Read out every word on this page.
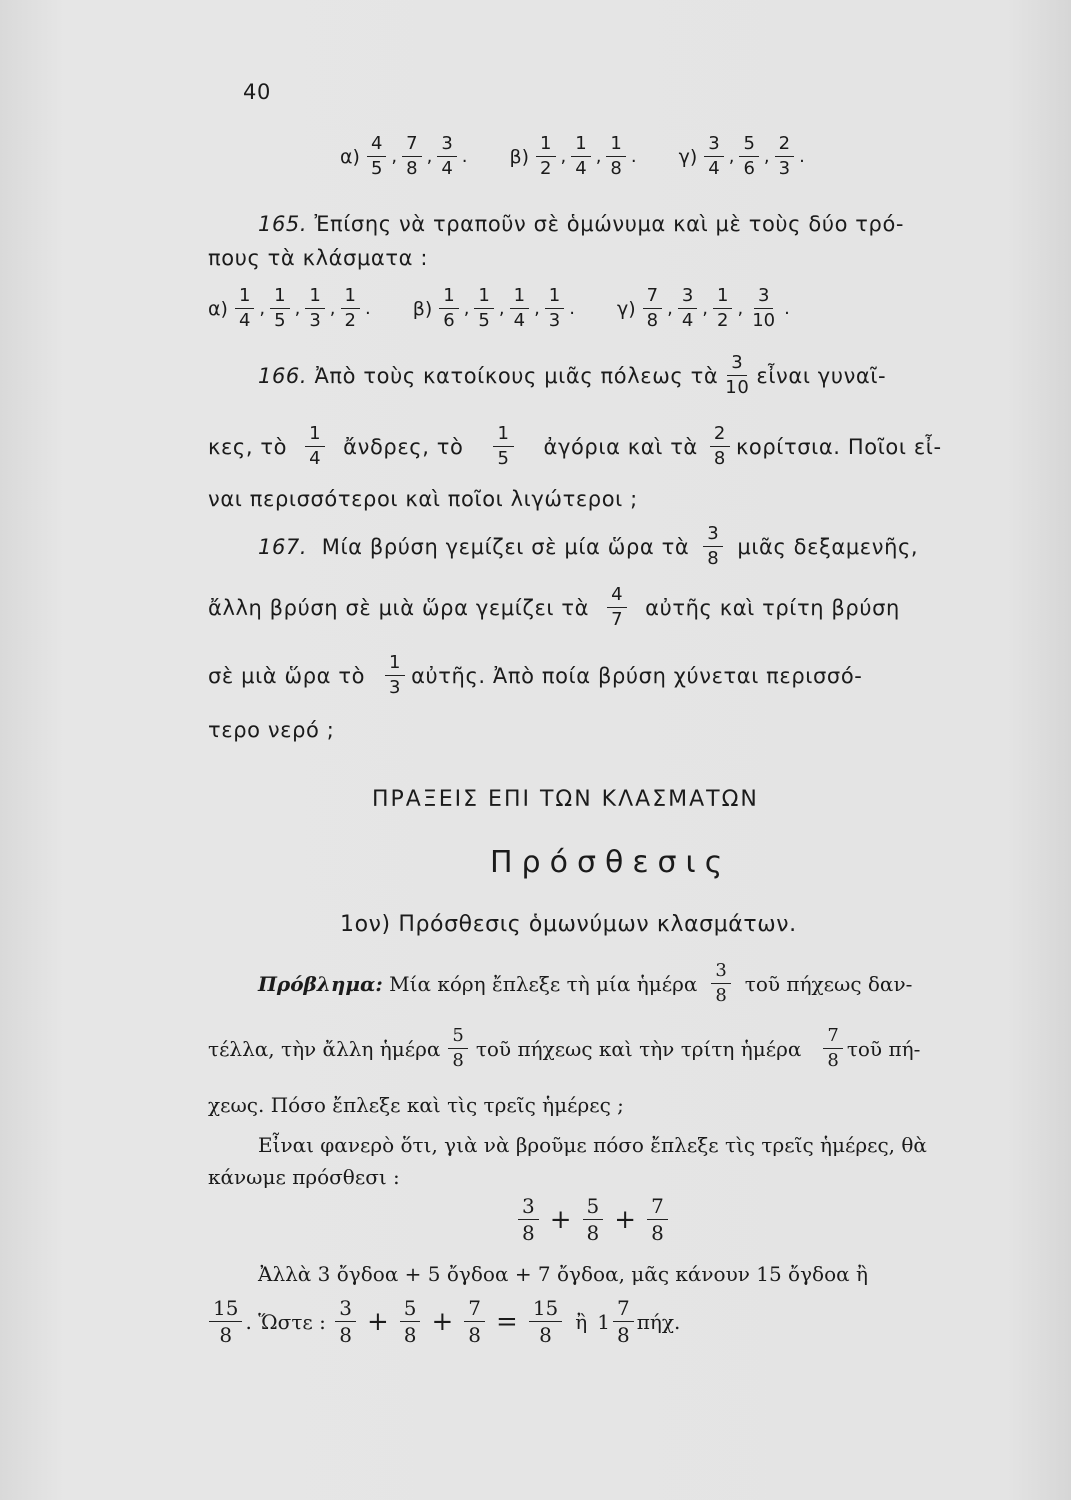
40
$\alpha) \frac{4}{5}$ , $\frac{7}{8}$ , $\frac{3}{4}$ . $\beta) \frac{1}{2}$ , $\frac{1}{4}$ , $\frac{1}{8}$ . $\gamma) \frac{3}{4}$ , $\frac{5}{6}$ , $\frac{2}{3}$ .
165. Ἐπίσης νὰ τραποῦν σὲ ὁμώνυμα καὶ μὲ τοὺς δύο τρό-
πους τὰ κλάσματα :
$\alpha) \frac{1}{4}$ , $\frac{1}{5}$ , $\frac{1}{3}$ , $\frac{1}{2}$ . $\beta) \frac{1}{6}$ , $\frac{1}{5}$ , $\frac{1}{4}$ , $\frac{1}{3}$ . $\gamma) \frac{7}{8}$ , $\frac{3}{4}$ , $\frac{1}{2}$ , $\frac{3}{10}$ .
166.
Ἀπὸ τοὺς κατοίκους μιᾶς πόλεως τὰ $\frac{3}{10}$ εἶναι γυναῖ-
κες, τὸ $\frac{1}{4}$ ἄνδρες, τὸ $\frac{1}{5}$ ἀγόρια καὶ τὰ $\frac{2}{8} \kappa o\rho ί\tau\sigma\iota\alpha$. Ποῖοι εἶ-
ναι περισσότεροι καὶ ποῖοι λιγώτεροι ;
167.
Μία βρύση γεμίζει σὲ μία ὥρα τὰ $\frac{3}{8}$ μιᾶς δεξαμενῆς,
ἄλλη βρύση σὲ μιὰ ὥρα γεμίζει τὰ $\frac{4}{7}$ αὐτῆς καὶ τρίτη βρύση
σὲ μιὰ ὥρα τὸ $\frac{1}{3}$ αὐτῆς. Ἀπὸ ποία βρύση χύνεται περισσό-
τερο νερό ;
ΠΡΑΞΕΙΣ ΕΠΙ ΤΩΝ ΚΛΑΣΜΑΤΩΝ
Πρόσθεσις
1ον) Πρόσθεσις ὁμωνύμων κλασμάτων.
Πρόβλημα:
Μία κόρη ἔπλεξε τὴ μία ἡμέρα $\frac{3}{8}$ τοῦ πήχεως δαν-
τέλλα, τὴν ἄλλη ἡμέρα $\frac{5}{8}$ τοῦ πήχεως καὶ τὴν τρίτη ἡμέρα $\frac{7}{8}$ τοῦ πή-
χεως. Πόσο ἔπλεξε καὶ τὶς τρεῖς ἡμέρες ;
Εἶναι φανερὸ ὅτι, γιὰ νὰ βροῦμε πόσο ἔπλεξε τὶς τρεῖς ἡμέρες, θὰ
κάνωμε πρόσθεσι :
$\frac{3}{8} + \frac{5}{8} + \frac{7}{8}$
Ἀλλὰ 3 ὄγδοα + 5 ὄγδοα + 7 ὄγδοα, μᾶς κάνουν 15 ὄγδοα ἢ
$\frac{15}{8}$ . Ὥστε :
$\frac{3}{8} + \frac{5}{8} + \frac{7}{8} = \frac{15}{8}$ ἢ $1 \frac{7}{8} \pi ή\chi$.
